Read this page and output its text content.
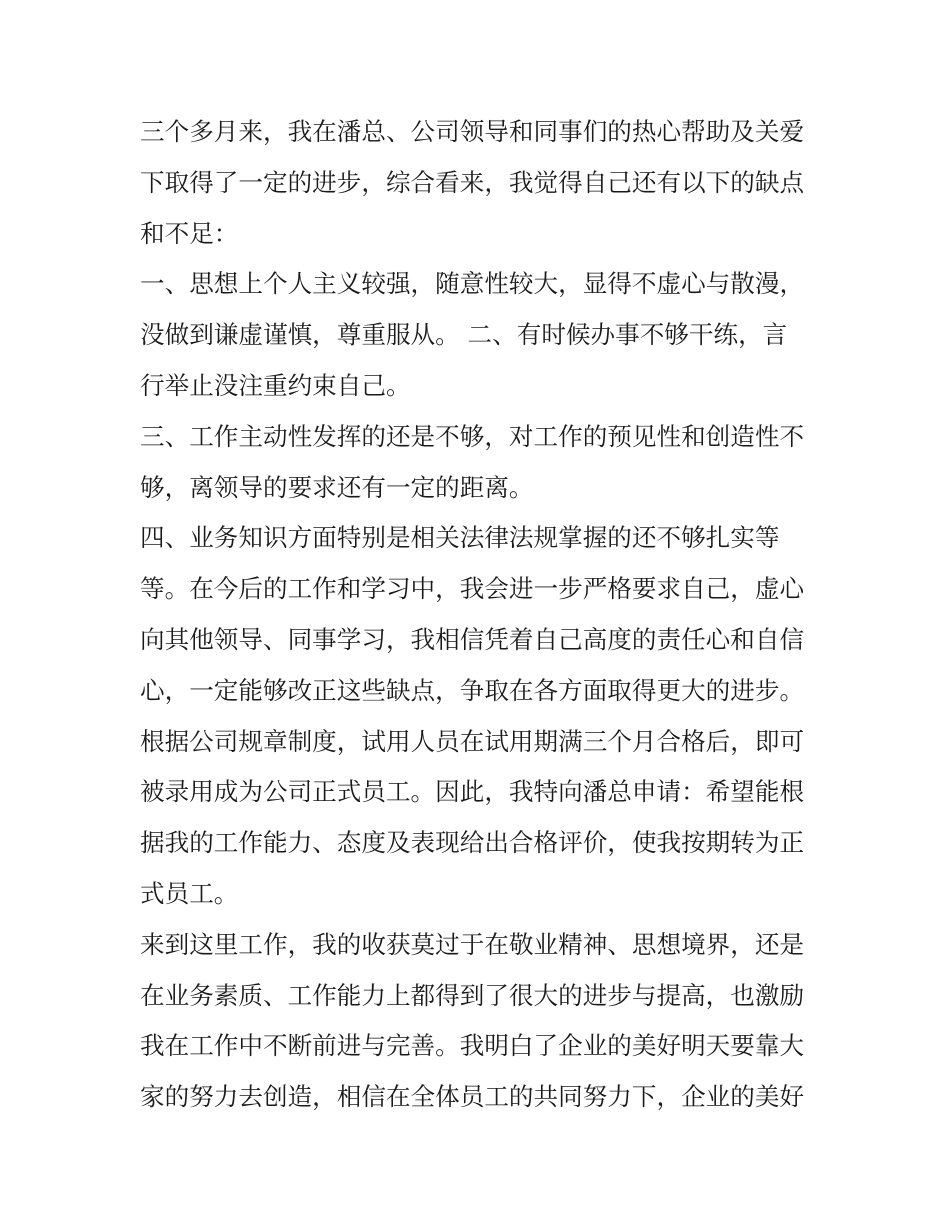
三个多月来，我在潘总、公司领导和同事们的热心帮助及关爱
下取得了一定的进步，综合看来，我觉得自己还有以下的缺点
和不足：
一、思想上个人主义较强，随意性较大，显得不虚心与散漫，
没做到谦虚谨慎，尊重服从。 二、有时候办事不够干练，言
行举止没注重约束自己。
三、工作主动性发挥的还是不够，对工作的预见性和创造性不
够，离领导的要求还有一定的距离。
四、业务知识方面特别是相关法律法规掌握的还不够扎实等
等。在今后的工作和学习中，我会进一步严格要求自己，虚心
向其他领导、同事学习，我相信凭着自己高度的责任心和自信
心，一定能够改正这些缺点，争取在各方面取得更大的进步。
根据公司规章制度，试用人员在试用期满三个月合格后，即可
被录用成为公司正式员工。因此，我特向潘总申请：希望能根
据我的工作能力、态度及表现给出合格评价，使我按期转为正
式员工。
来到这里工作，我的收获莫过于在敬业精神、思想境界，还是
在业务素质、工作能力上都得到了很大的进步与提高，也激励
我在工作中不断前进与完善。我明白了企业的美好明天要靠大
家的努力去创造，相信在全体员工的共同努力下，企业的美好
